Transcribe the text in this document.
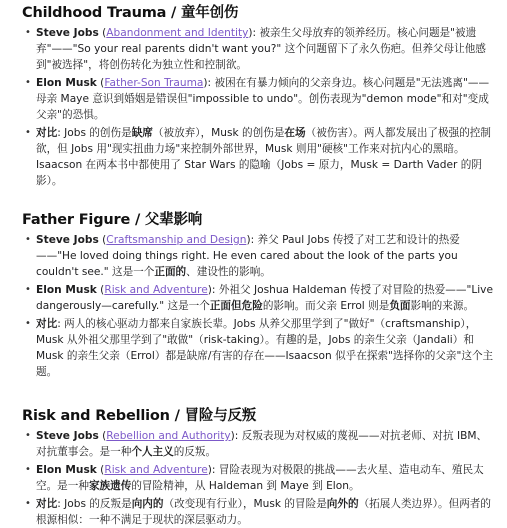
Childhood Trauma / 童年创伤
• Steve Jobs (Abandonment and Identity): 被亲生父母放弃的领养经历。核心问题是"被遗弃"——"So your real parents didn't want you?" 这个问题留下了永久伤疤。但养父母让他感到"被选择"，将创伤转化为独立性和控制欲。
• Elon Musk (Father-Son Trauma): 被困在有暴力倾向的父亲身边。核心问题是"无法逃离"——母亲 Maye 意识到婚姻是错误但"impossible to undo"。创伤表现为"demon mode"和对"变成父亲"的恐惧。
• 对比: Jobs 的创伤是缺席（被放弃），Musk 的创伤是在场（被伤害）。两人都发展出了极强的控制欲，但 Jobs 用"现实扭曲力场"来控制外部世界，Musk 则用"硬核"工作来对抗内心的黑暗。Isaacson 在两本书中都使用了 Star Wars 的隐喻（Jobs = 原力，Musk = Darth Vader 的阴影）。
Father Figure / 父辈影响
• Steve Jobs (Craftsmanship and Design): 养父 Paul Jobs 传授了对工艺和设计的热爱——"He loved doing things right. He even cared about the look of the parts you couldn't see." 这是一个正面的、建设性的影响。
• Elon Musk (Risk and Adventure): 外祖父 Joshua Haldeman 传授了对冒险的热爱——"Live dangerously—carefully." 这是一个正面但危险的影响。而父亲 Errol 则是负面影响的来源。
• 对比: 两人的核心驱动力都来自家族长辈。Jobs 从养父那里学到了"做好"（craftsmanship），Musk 从外祖父那里学到了"敢做"（risk-taking）。有趣的是，Jobs 的亲生父亲（Jandali）和 Musk 的亲生父亲（Errol）都是缺席/有害的存在——Isaacson 似乎在探索"选择你的父亲"这个主题。
Risk and Rebellion / 冒险与反叛
• Steve Jobs (Rebellion and Authority): 反叛表现为对权威的蔑视——对抗老师、对抗 IBM、对抗董事会。是一种个人主义的反叛。
• Elon Musk (Risk and Adventure): 冒险表现为对极限的挑战——去火星、造电动车、殖民太空。是一种家族遗传的冒险精神，从 Haldeman 到 Maye 到 Elon。
• 对比: Jobs 的反叛是向内的（改变现有行业），Musk 的冒险是向外的（拓展人类边界）。但两者的根源相似：一种不满足于现状的深层驱动力。
